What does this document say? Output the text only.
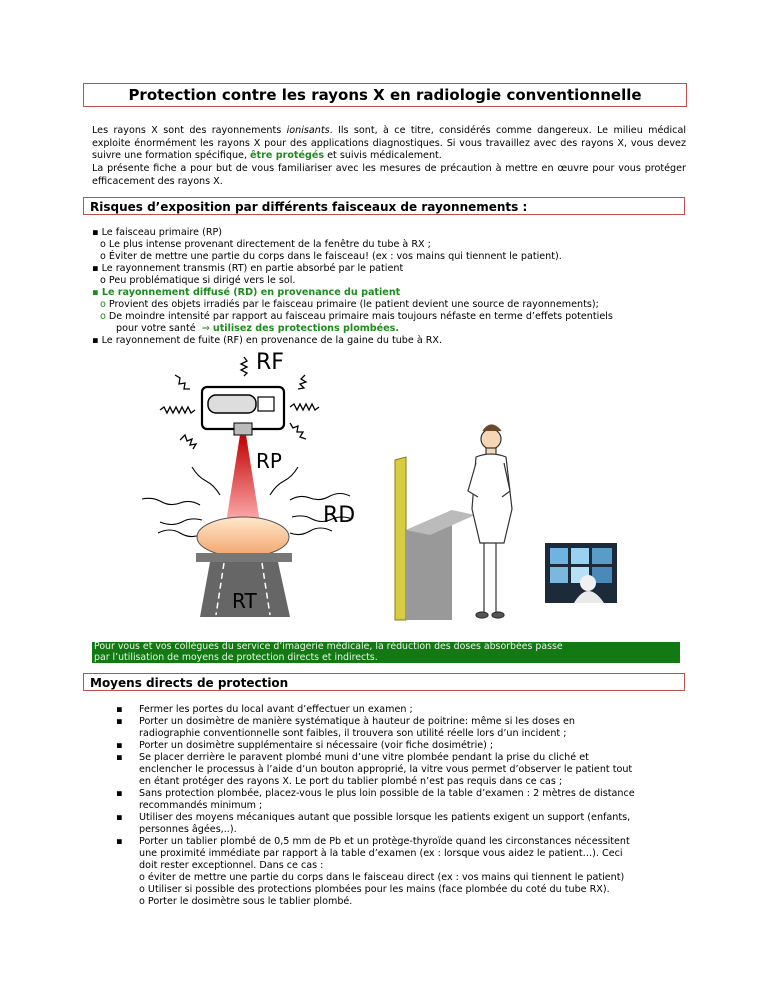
Protection contre les rayons X en radiologie conventionnelle
Les rayons X sont des rayonnements ionisants. Ils sont, à ce titre, considérés comme dangereux. Le milieu médical exploite énormément les rayons X pour des applications diagnostiques. Si vous travaillez avec des rayons X, vous devez suivre une formation spécifique, être protégés et suivis médicalement.
La présente fiche a pour but de vous familiariser avec les mesures de précaution à mettre en œuvre pour vous protéger efficacement des rayons X.
Risques d’exposition par différents faisceaux de rayonnements :
▪ Le faisceau primaire (RP)
o Le plus intense provenant directement de la fenêtre du tube à RX ;
o Éviter de mettre une partie du corps dans le faisceau! (ex : vos mains qui tiennent le patient).
▪ Le rayonnement transmis (RT) en partie absorbé par le patient
o Peu problématique si dirigé vers le sol.
▪ Le rayonnement diffusé (RD) en provenance du patient
o Provient des objets irradiés par le faisceau primaire (le patient devient une source de rayonnements);
o De moindre intensité par rapport au faisceau primaire mais toujours néfaste en terme d’effets potentiels
pour votre santé ⇒ utilisez des protections plombées.
▪ Le rayonnement de fuite (RF) en provenance de la gaine du tube à RX.
RF
RP
RD
RT
Pour vous et vos collègues du service d’imagerie médicale, la réduction des doses absorbées passe
par l’utilisation de moyens de protection directs et indirects.
Moyens directs de protection
▪
▪

▪
▪

▪

▪

▪
Fermer les portes du local avant d’effectuer un examen ;
Porter un dosimètre de manière systématique à hauteur de poitrine: même si les doses en
radiographie conventionnelle sont faibles, il trouvera son utilité réelle lors d’un incident ;
Porter un dosimètre supplémentaire si nécessaire (voir fiche dosimétrie) ;
Se placer derrière le paravent plombé muni d’une vitre plombée pendant la prise du cliché et
enclencher le processus à l’aide d’un bouton approprié, la vitre vous permet d’observer le patient tout
en étant protéger des rayons X. Le port du tablier plombé n’est pas requis dans ce cas ;
Sans protection plombée, placez-vous le plus loin possible de la table d’examen : 2 mètres de distance
recommandés minimum ;
Utiliser des moyens mécaniques autant que possible lorsque les patients exigent un support (enfants,
personnes âgées,..).
Porter un tablier plombé de 0,5 mm de Pb et un protège-thyroïde quand les circonstances nécessitent
une proximité immédiate par rapport à la table d’examen (ex : lorsque vous aidez le patient…). Ceci
doit rester exceptionnel. Dans ce cas :
o éviter de mettre une partie du corps dans le faisceau direct (ex : vos mains qui tiennent le patient)
o Utiliser si possible des protections plombées pour les mains (face plombée du coté du tube RX).
o Porter le dosimètre sous le tablier plombé.
